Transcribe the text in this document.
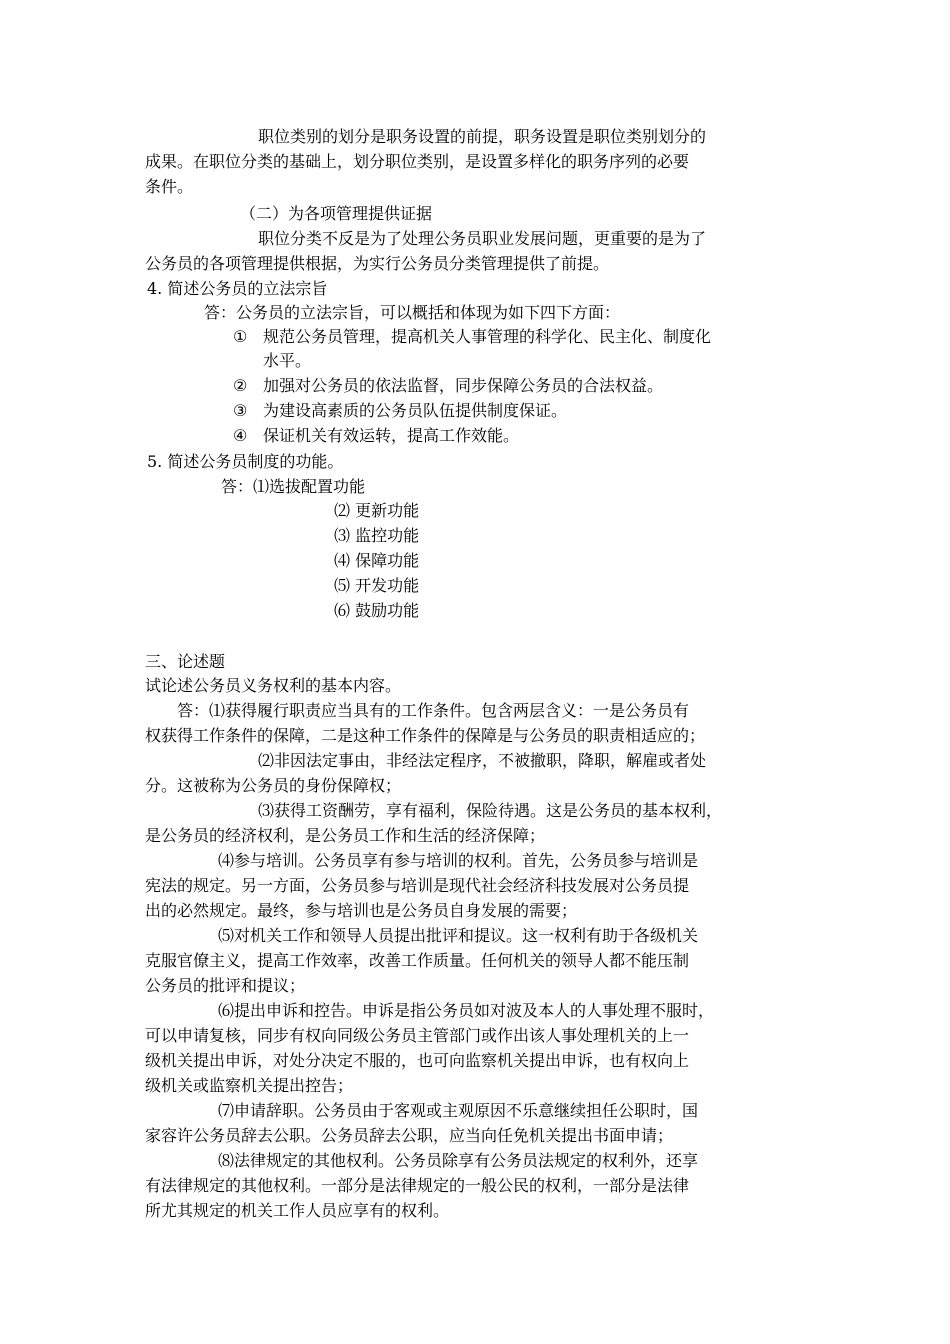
职位类别的划分是职务设置的前提，职务设置是职位类别划分的

成果。在职位分类的基础上，划分职位类别，是设置多样化的职务序列的必要

条件。

（二）为各项管理提供证据

职位分类不反是为了处理公务员职业发展问题，更重要的是为了

公务员的各项管理提供根据，为实行公务员分类管理提供了前提。

4. 简述公务员的立法宗旨

答：公务员的立法宗旨，可以概括和体现为如下四下方面：

① 规范公务员管理，提高机关人事管理的科学化、民主化、制度化
水平。
② 加强对公务员的依法监督，同步保障公务员的合法权益。
③ 为建设高素质的公务员队伍提供制度保证。
④ 保证机关有效运转，提高工作效能。

5. 简述公务员制度的功能。

答：⑴选拔配置功能

⑵ 更新功能

⑶ 监控功能

⑷ 保障功能

⑸ 开发功能

⑹ 鼓励功能

三、论述题

试论述公务员义务权利的基本内容。

答：⑴获得履行职责应当具有的工作条件。包含两层含义：一是公务员有

权获得工作条件的保障，二是这种工作条件的保障是与公务员的职责相适应的；

⑵非因法定事由，非经法定程序，不被撤职，降职，解雇或者处

分。这被称为公务员的身份保障权；

⑶获得工资酬劳，享有福利，保险待遇。这是公务员的基本权利，

是公务员的经济权利，是公务员工作和生活的经济保障；

⑷参与培训。公务员享有参与培训的权利。首先，公务员参与培训是

宪法的规定。另一方面，公务员参与培训是现代社会经济科技发展对公务员提

出的必然规定。最终，参与培训也是公务员自身发展的需要；

⑸对机关工作和领导人员提出批评和提议。这一权利有助于各级机关

克服官僚主义，提高工作效率，改善工作质量。任何机关的领导人都不能压制

公务员的批评和提议；

⑹提出申诉和控告。申诉是指公务员如对波及本人的人事处理不服时，

可以申请复核，同步有权向同级公务员主管部门或作出该人事处理机关的上一

级机关提出申诉，对处分决定不服的，也可向监察机关提出申诉，也有权向上

级机关或监察机关提出控告；

⑺申请辞职。公务员由于客观或主观原因不乐意继续担任公职时，国

家容许公务员辞去公职。公务员辞去公职，应当向任免机关提出书面申请；

⑻法律规定的其他权利。公务员除享有公务员法规定的权利外，还享

有法律规定的其他权利。一部分是法律规定的一般公民的权利，一部分是法律

所尤其规定的机关工作人员应享有的权利。
